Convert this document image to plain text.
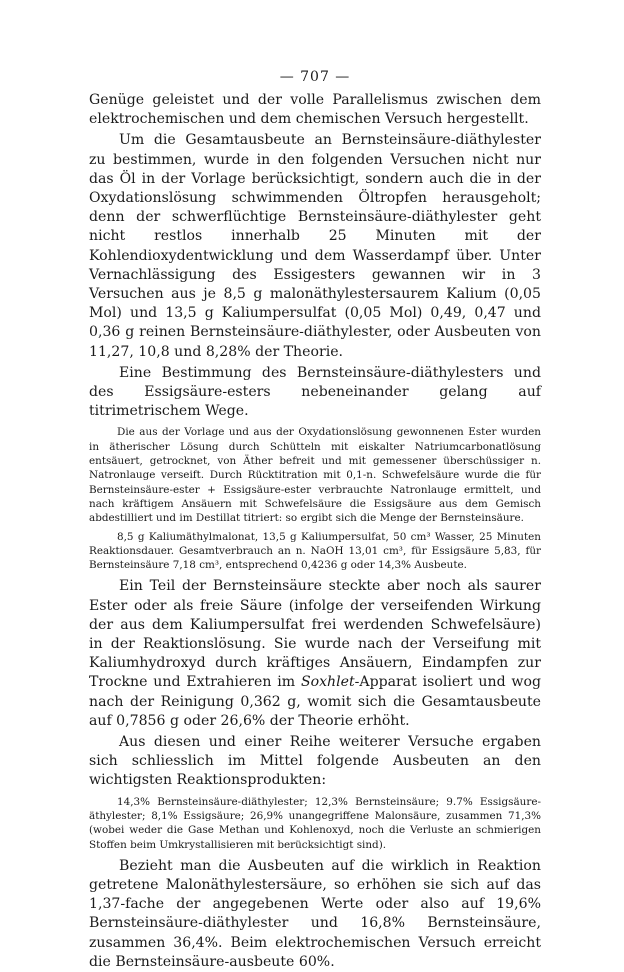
— 707 —

Genüge geleistet und der volle Parallelismus zwischen dem elektrochemischen und dem chemischen Versuch hergestellt.

Um die Gesamtausbeute an Bernsteinsäure-diäthylester zu bestimmen, wurde in den folgenden Versuchen nicht nur das Öl in der Vorlage berücksichtigt, sondern auch die in der Oxydationslösung schwimmenden Öltropfen herausgeholt; denn der schwerflüchtige Bernsteinsäure-diäthylester geht nicht restlos innerhalb 25 Minuten mit der Kohlendioxydentwicklung und dem Wasserdampf über. Unter Vernachlässigung des Essigesters gewannen wir in 3 Versuchen aus je 8,5 g malonäthylestersaurem Kalium (0,05 Mol) und 13,5 g Kaliumpersulfat (0,05 Mol) 0,49, 0,47 und 0,36 g reinen Bernsteinsäure-diäthylester, oder Ausbeuten von 11,27, 10,8 und 8,28% der Theorie.

Eine Bestimmung des Bernsteinsäure-diäthylesters und des Essigsäure-esters nebeneinander gelang auf titrimetrischem Wege.

Die aus der Vorlage und aus der Oxydationslösung gewonnenen Ester wurden in ätherischer Lösung durch Schütteln mit eiskalter Natriumcarbonatlösung entsäuert, getrocknet, von Äther befreit und mit gemessener überschüssiger n. Natronlauge verseift. Durch Rücktitration mit 0,1-n. Schwefelsäure wurde die für Bernsteinsäure-ester + Essigsäure-ester verbrauchte Natronlauge ermittelt, und nach kräftigem Ansäuern mit Schwefelsäure die Essigsäure aus dem Gemisch abdestilliert und im Destillat titriert: so ergibt sich die Menge der Bernsteinsäure.

8,5 g Kaliumäthylmalonat, 13,5 g Kaliumpersulfat, 50 cm³ Wasser, 25 Minuten Reaktionsdauer. Gesamtverbrauch an n. NaOH 13,01 cm³, für Essigsäure 5,83, für Bernsteinsäure 7,18 cm³, entsprechend 0,4236 g oder 14,3% Ausbeute.

Ein Teil der Bernsteinsäure steckte aber noch als saurer Ester oder als freie Säure (infolge der verseifenden Wirkung der aus dem Kaliumpersulfat frei werdenden Schwefelsäure) in der Reaktionslösung. Sie wurde nach der Verseifung mit Kaliumhydroxyd durch kräftiges Ansäuern, Eindampfen zur Trockne und Extrahieren im Soxhlet-Apparat isoliert und wog nach der Reinigung 0,362 g, womit sich die Gesamtausbeute auf 0,7856 g oder 26,6% der Theorie erhöht.

Aus diesen und einer Reihe weiterer Versuche ergaben sich schliesslich im Mittel folgende Ausbeuten an den wichtigsten Reaktionsprodukten:

14,3% Bernsteinsäure-diäthylester; 12,3% Bernsteinsäure; 9.7% Essigsäure-äthylester; 8,1% Essigsäure; 26,9% unangegriffene Malonsäure, zusammen 71,3% (wobei weder die Gase Methan und Kohlenoxyd, noch die Verluste an schmierigen Stoffen beim Umkrystallisieren mit berücksichtigt sind).

Bezieht man die Ausbeuten auf die wirklich in Reaktion getretene Malonäthylestersäure, so erhöhen sie sich auf das 1,37-fache der angegebenen Werte oder also auf 19,6% Bernsteinsäure-diäthylester und 16,8% Bernsteinsäure, zusammen 36,4%. Beim elektrochemischen Versuch erreicht die Bernsteinsäure-ausbeute 60%.
